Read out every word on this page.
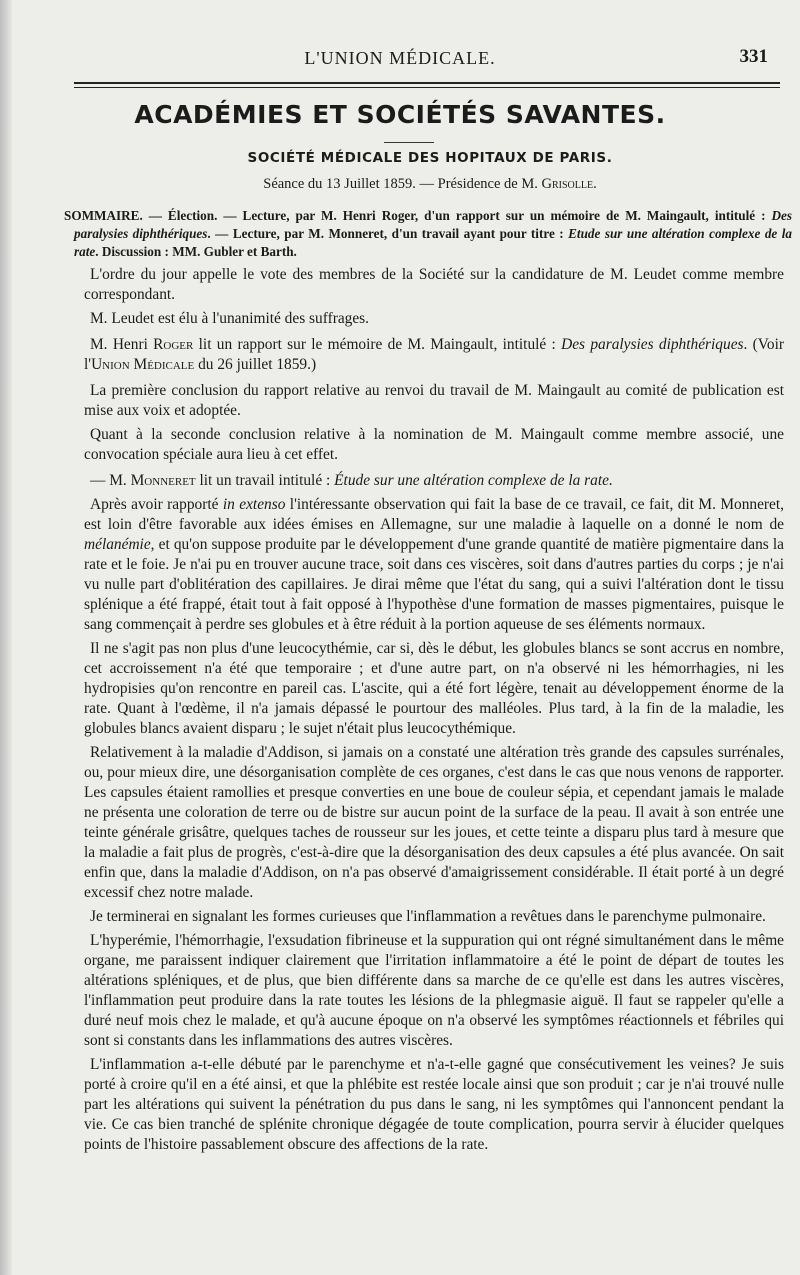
L'UNION MÉDICALE.	331
ACADÉMIES ET SOCIÉTÉS SAVANTES.
SOCIÉTÉ MÉDICALE DES HOPITAUX DE PARIS.
Séance du 13 Juillet 1859. — Présidence de M. Grisolle.
SOMMAIRE. — Élection. — Lecture, par M. Henri Roger, d'un rapport sur un mémoire de M. Maingault, intitulé : Des paralysies diphthériques. — Lecture, par M. Monneret, d'un travail ayant pour titre : Etude sur une altération complexe de la rate. Discussion : MM. Gubler et Barth.

L'ordre du jour appelle le vote des membres de la Société sur la candidature de M. Leudet comme membre correspondant.

M. Leudet est élu à l'unanimité des suffrages.

M. Henri Roger lit un rapport sur le mémoire de M. Maingault, intitulé : Des paralysies diphthériques. (Voir l'Union Médicale du 26 juillet 1859.)

La première conclusion du rapport relative au renvoi du travail de M. Maingault au comité de publication est mise aux voix et adoptée.

Quant à la seconde conclusion relative à la nomination de M. Maingault comme membre associé, une convocation spéciale aura lieu à cet effet.

— M. Monneret lit un travail intitulé : Étude sur une altération complexe de la rate.

Après avoir rapporté in extenso l'intéressante observation qui fait la base de ce travail, ce fait, dit M. Monneret, est loin d'être favorable aux idées émises en Allemagne, sur une maladie à laquelle on a donné le nom de mélanémie, et qu'on suppose produite par le développement d'une grande quantité de matière pigmentaire dans la rate et le foie. Je n'ai pu en trouver aucune trace, soit dans ces viscères, soit dans d'autres parties du corps ; je n'ai vu nulle part d'oblitération des capillaires. Je dirai même que l'état du sang, qui a suivi l'altération dont le tissu splénique a été frappé, était tout à fait opposé à l'hypothèse d'une formation de masses pigmentaires, puisque le sang commençait à perdre ses globules et à être réduit à la portion aqueuse de ses éléments normaux.

Il ne s'agit pas non plus d'une leucocythémie, car si, dès le début, les globules blancs se sont accrus en nombre, cet accroissement n'a été que temporaire ; et d'une autre part, on n'a observé ni les hémorrhagies, ni les hydropisies qu'on rencontre en pareil cas. L'ascite, qui a été fort légère, tenait au développement énorme de la rate. Quant à l'œdème, il n'a jamais dépassé le pourtour des malléoles. Plus tard, à la fin de la maladie, les globules blancs avaient disparu ; le sujet n'était plus leucocythémique.

Relativement à la maladie d'Addison, si jamais on a constaté une altération très grande des capsules surrénales, ou, pour mieux dire, une désorganisation complète de ces organes, c'est dans le cas que nous venons de rapporter. Les capsules étaient ramollies et presque converties en une boue de couleur sépia, et cependant jamais le malade ne présenta une coloration de terre ou de bistre sur aucun point de la surface de la peau. Il avait à son entrée une teinte générale grisâtre, quelques taches de rousseur sur les joues, et cette teinte a disparu plus tard à mesure que la maladie a fait plus de progrès, c'est-à-dire que la désorganisation des deux capsules a été plus avancée. On sait enfin que, dans la maladie d'Addison, on n'a pas observé d'amaigrissement considérable. Il était porté à un degré excessif chez notre malade.

Je terminerai en signalant les formes curieuses que l'inflammation a revêtues dans le parenchyme pulmonaire.

L'hyperémie, l'hémorrhagie, l'exsudation fibrineuse et la suppuration qui ont régné simultanément dans le même organe, me paraissent indiquer clairement que l'irritation inflammatoire a été le point de départ de toutes les altérations spléniques, et de plus, que bien différente dans sa marche de ce qu'elle est dans les autres viscères, l'inflammation peut produire dans la rate toutes les lésions de la phlegmasie aiguë. Il faut se rappeler qu'elle a duré neuf mois chez le malade, et qu'à aucune époque on n'a observé les symptômes réactionnels et fébriles qui sont si constants dans les inflammations des autres viscères.

L'inflammation a-t-elle débuté par le parenchyme et n'a-t-elle gagné que consécutivement les veines? Je suis porté à croire qu'il en a été ainsi, et que la phlébite est restée locale ainsi que son produit ; car je n'ai trouvé nulle part les altérations qui suivent la pénétration du pus dans le sang, ni les symptômes qui l'annoncent pendant la vie. Ce cas bien tranché de splénite chronique dégagée de toute complication, pourra servir à élucider quelques points de l'histoire passablement obscure des affections de la rate.
